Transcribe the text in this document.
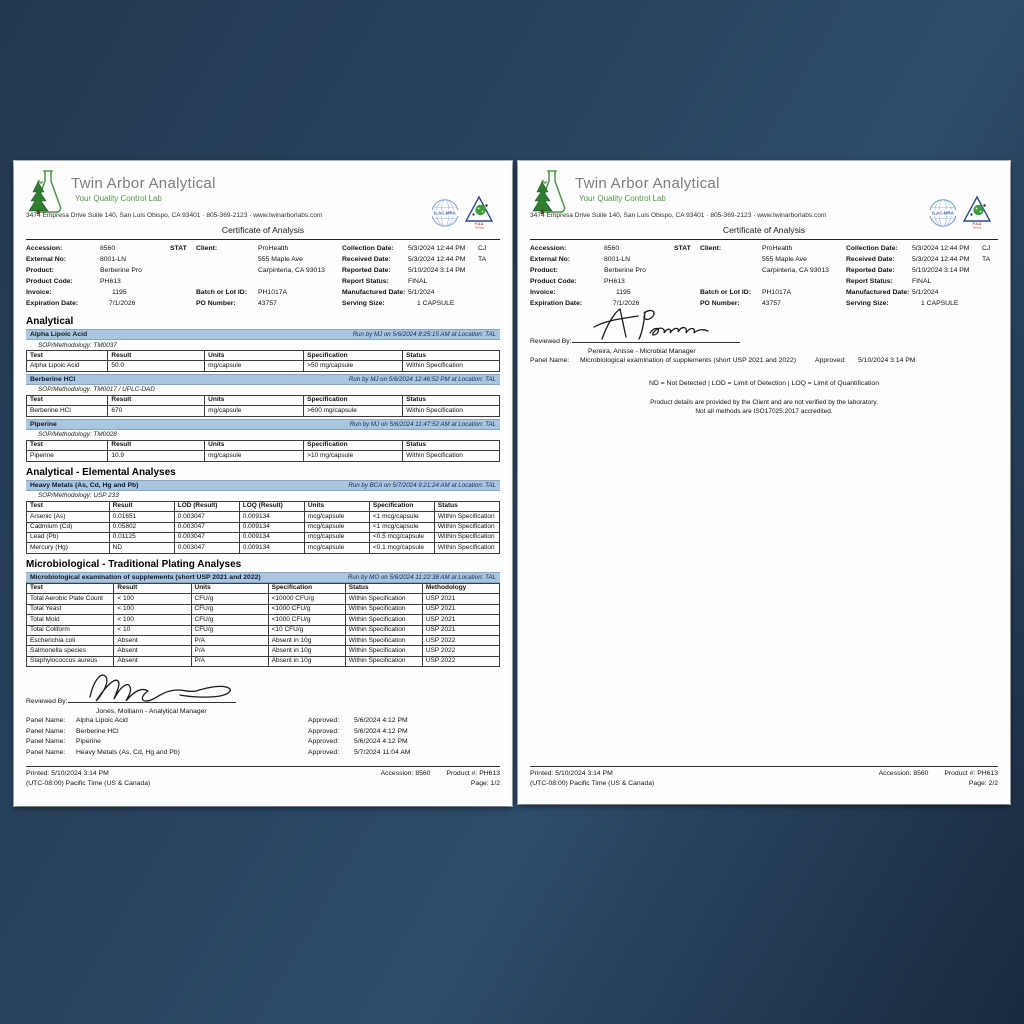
Twin Arbor Analytical
Your Quality Control Lab
3474 Empresa Drive Suite 140, San Luis Obispo, CA 93401 · 805-369-2123 · www.twinarborlabs.com	ILAC-MRA
PJLA
Testing
Certificate of Analysis
STAT
Accession:	8560
External No:	8001-LN
Product:	Berberine Pro
Product Code:	PH613
Invoice:	1195
Expiration Date:	7/1/2026
Client:	ProHealth
555 Maple Ave
Carpinteria, CA 93013
Batch or Lot ID:	PH1017A
PO Number:	43757
Collection Date:	5/3/2024 12:44 PM
Received Date:	5/3/2024 12:44 PM
Reported Date:	5/10/2024 3:14 PM
Report Status:	FINAL
Manufactured Date: 5/1/2024
Serving Size:	1 CAPSULE
CJ
TA
Analytical
Alpha Lipoic Acid	Run by MJ on 5/6/2024 8:25:15 AM at Location: TAL
SOP/Methodology: TM0037
Test	Result	Units	Specification	Status
Alpha Lipoic Acid	50.0	mg/capsule	>50 mg/capsule	Within Specification
Berberine HCl	Run by MJ on 5/6/2024 12:46:52 PM at Location: TAL
SOP/Methodology: TM0017 / UPLC-DAD
Test	Result	Units	Specification	Status
Berberine HCl	670	mg/capsule	>600 mg/capsule	Within Specification
Piperine	Run by MJ on 5/6/2024 11:47:52 AM at Location: TAL
SOP/Methodology: TM0028
Test	Result	Units	Specification	Status
Piperine	10.9	mg/capsule	>10 mg/capsule	Within Specification
Analytical - Elemental Analyses
Heavy Metals (As, Cd, Hg and Pb)	Run by BCA on 5/7/2024 9:21:24 AM at Location: TAL
SOP/Methodology: USP 233
Test	Result	LOD (Result)	LOQ (Result)	Units	Specification	Status
Arsenic (As)	0.01651	0.003047	0.009134	mcg/capsule	<1 mcg/capsule	Within Specification
Cadmium (Cd)	0.05802	0.003047	0.009134	mcg/capsule	<1 mcg/capsule	Within Specification
Lead (Pb)	0.01125	0.003047	0.009134	mcg/capsule	<0.5 mcg/capsule	Within Specification
Mercury (Hg)	ND	0.003047	0.009134	mcg/capsule	<0.1 mcg/capsule	Within Specification
Microbiological - Traditional Plating Analyses
Microbiological examination of supplements (short USP 2021 and 2022)	Run by MO on 5/6/2024 11:22:38 AM at Location: TAL
Test	Result	Units	Specification	Status	Methodology
Total Aerobic Plate Count	< 100	CFU/g	<10000 CFU/g	Within Specification	USP 2021
Total Yeast	< 100	CFU/g	<1000 CFU/g	Within Specification	USP 2021
Total Mold	< 100	CFU/g	<1000 CFU/g	Within Specification	USP 2021
Total Coliform	< 10	CFU/g	<10 CFU/g	Within Specification	USP 2021
Escherichia coli	Absent	P/A	Absent in 10g	Within Specification	USP 2022
Salmonella species	Absent	P/A	Absent in 10g	Within Specification	USP 2022
Staphylococcus aureus	Absent	P/A	Absent in 10g	Within Specification	USP 2022
Reviewed By:
Jones, Molliann - Analytical Manager
Panel Name: Alpha Lipoic Acid	Approved: 5/6/2024 4:12 PM
Panel Name: Berberine HCl	Approved: 5/6/2024 4:12 PM
Panel Name: Piperine	Approved: 5/6/2024 4:12 PM
Panel Name: Heavy Metals (As, Cd, Hg and Pb)	Approved: 5/7/2024 11:04 AM
Printed: 5/10/2024 3:14 PM
(UTC-08:00) Pacific Time (US & Canada)
Accession: 8560 Product #: PH613
Page: 1/2
Twin Arbor Analytical
Your Quality Control Lab
3474 Empresa Drive Suite 140, San Luis Obispo, CA 93401 · 805-369-2123 · www.twinarborlabs.com	ILAC-MRA
PJLA
Testing
Certificate of Analysis
STAT
Accession:	8560
External No:	8001-LN
Product:	Berberine Pro
Product Code:	PH613
Invoice:	1195
Expiration Date:	7/1/2026
Client:	ProHealth
555 Maple Ave
Carpinteria, CA 93013
Batch or Lot ID:	PH1017A
PO Number:	43757
Collection Date:	5/3/2024 12:44 PM
Received Date:	5/3/2024 12:44 PM
Reported Date:	5/10/2024 3:14 PM
Report Status:	FINAL
Manufactured Date: 5/1/2024
Serving Size:	1 CAPSULE
CJ
TA
Reviewed By:
Pereira, Anisse - Microbial Manager
Panel Name: Microbiological examination of supplements (short USP 2021 and 2022)	Approved: 5/10/2024 3:14 PM
ND = Not Detected | LOD = Limit of Detection | LOQ = Limit of Quantification
Product details are provided by the Client and are not verified by the laboratory.
Not all methods are ISO17025:2017 accredited.
Printed: 5/10/2024 3:14 PM
(UTC-08:00) Pacific Time (US & Canada)
Accession: 8560 Product #: PH613
Page: 2/2
